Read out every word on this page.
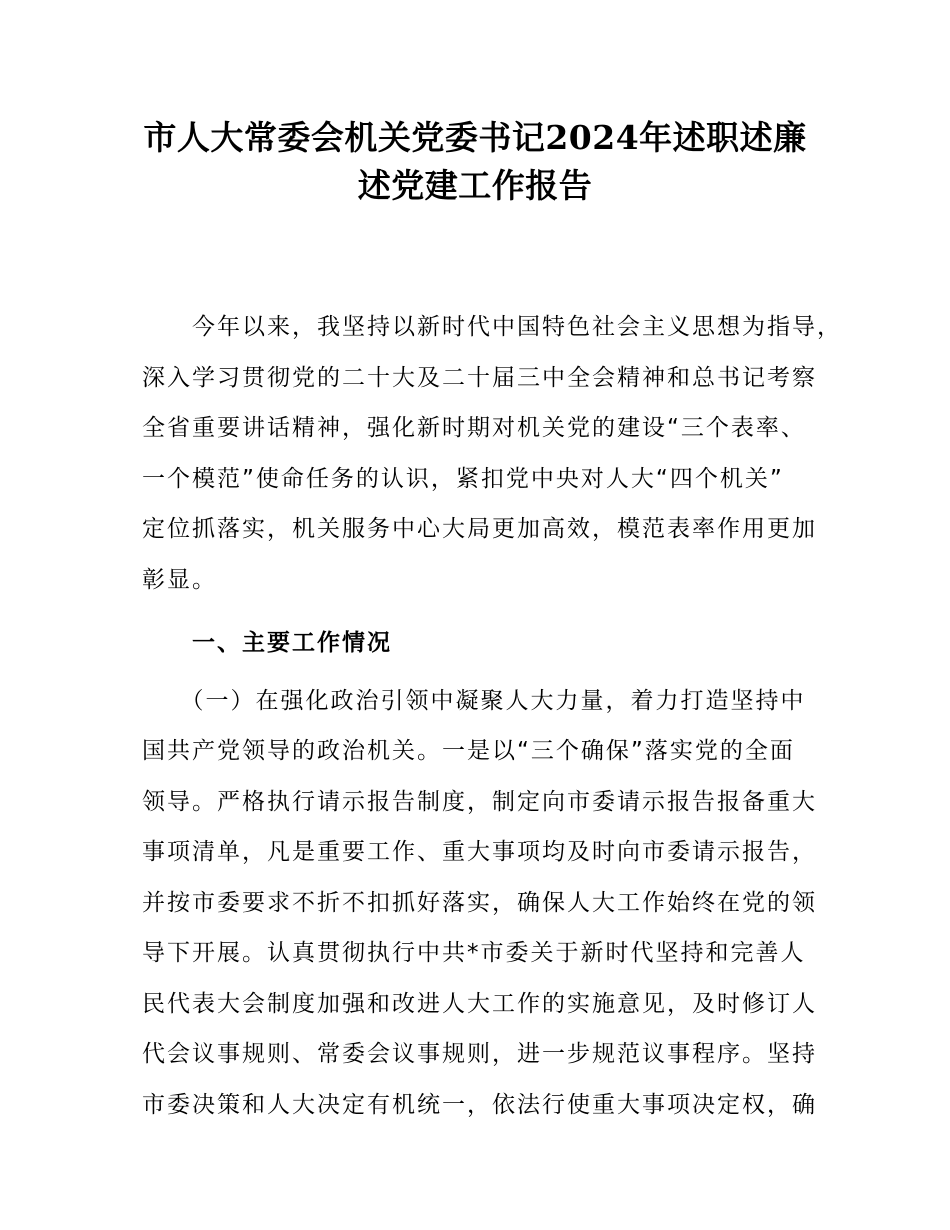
市人大常委会机关党委书记2024年述职述廉
述党建工作报告
　　今年以来，我坚持以新时代中国特色社会主义思想为指导，
深入学习贯彻党的二十大及二十届三中全会精神和总书记考察
全省重要讲话精神，强化新时期对机关党的建设“三个表率、
一个模范”使命任务的认识，紧扣党中央对人大“四个机关”
定位抓落实，机关服务中心大局更加高效，模范表率作用更加
彰显。
　　一、主要工作情况
　　（一）在强化政治引领中凝聚人大力量，着力打造坚持中
国共产党领导的政治机关。一是以“三个确保”落实党的全面
领导。严格执行请示报告制度，制定向市委请示报告报备重大
事项清单，凡是重要工作、重大事项均及时向市委请示报告，
并按市委要求不折不扣抓好落实，确保人大工作始终在党的领
导下开展。认真贯彻执行中共*市委关于新时代坚持和完善人
民代表大会制度加强和改进人大工作的实施意见，及时修订人
代会议事规则、常委会议事规则，进一步规范议事程序。坚持
市委决策和人大决定有机统一，依法行使重大事项决定权，确
